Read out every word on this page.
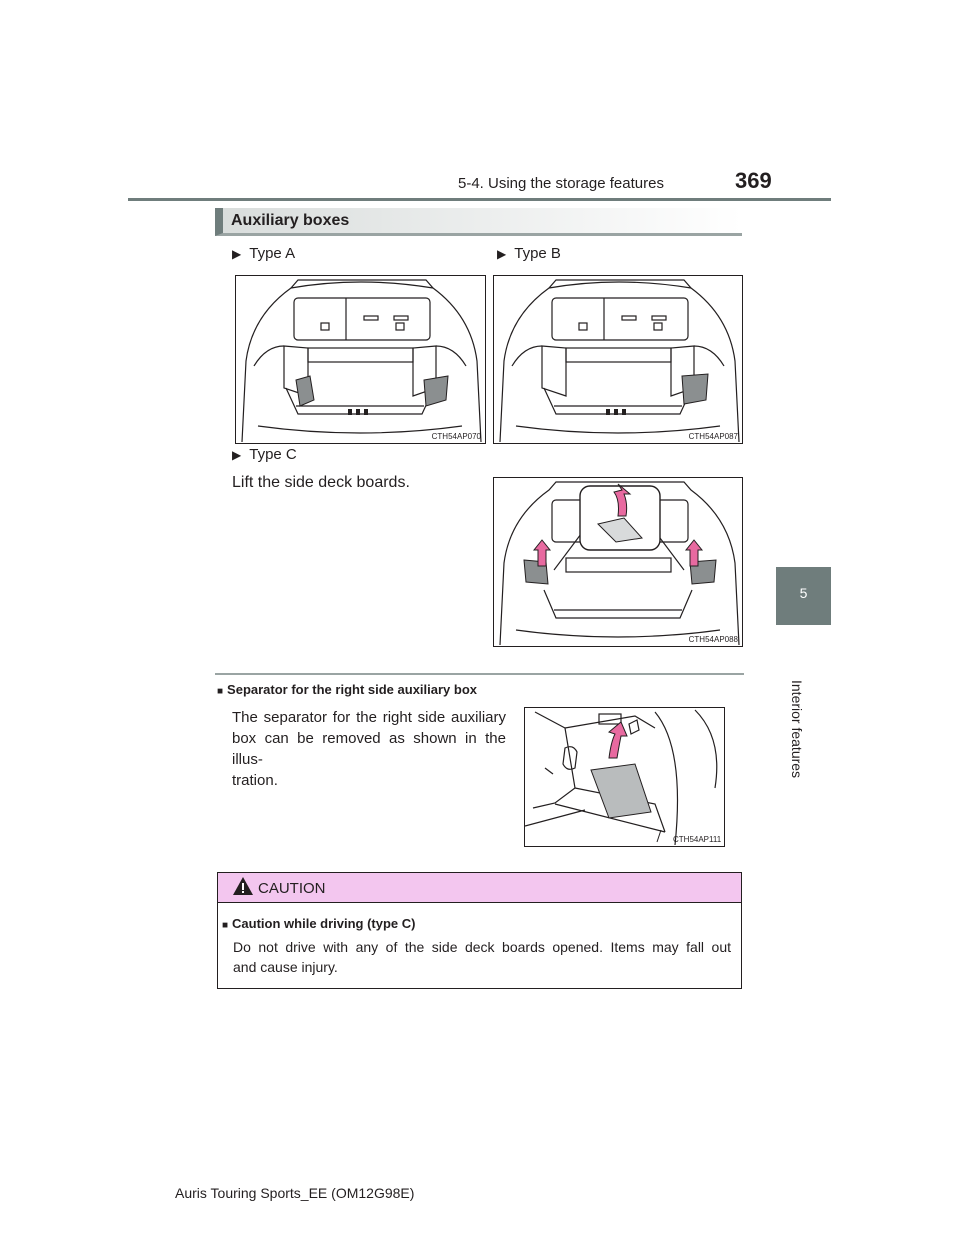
5-4. Using the storage features	369
5
Interior features
Auxiliary boxes
▶ Type A
CTH54AP070
▶ Type B
CTH54AP087
▶ Type C
Lift the side deck boards.
CTH54AP088
■ Separator for the right side auxiliary box
The separator for the right side auxiliary
box can be removed as shown in the illus-
tration.
CTH54AP111
CAUTION
■ Caution while driving (type C)
Do not drive with any of the side deck boards opened. Items may fall out
and cause injury.
Auris Touring Sports_EE (OM12G98E)
